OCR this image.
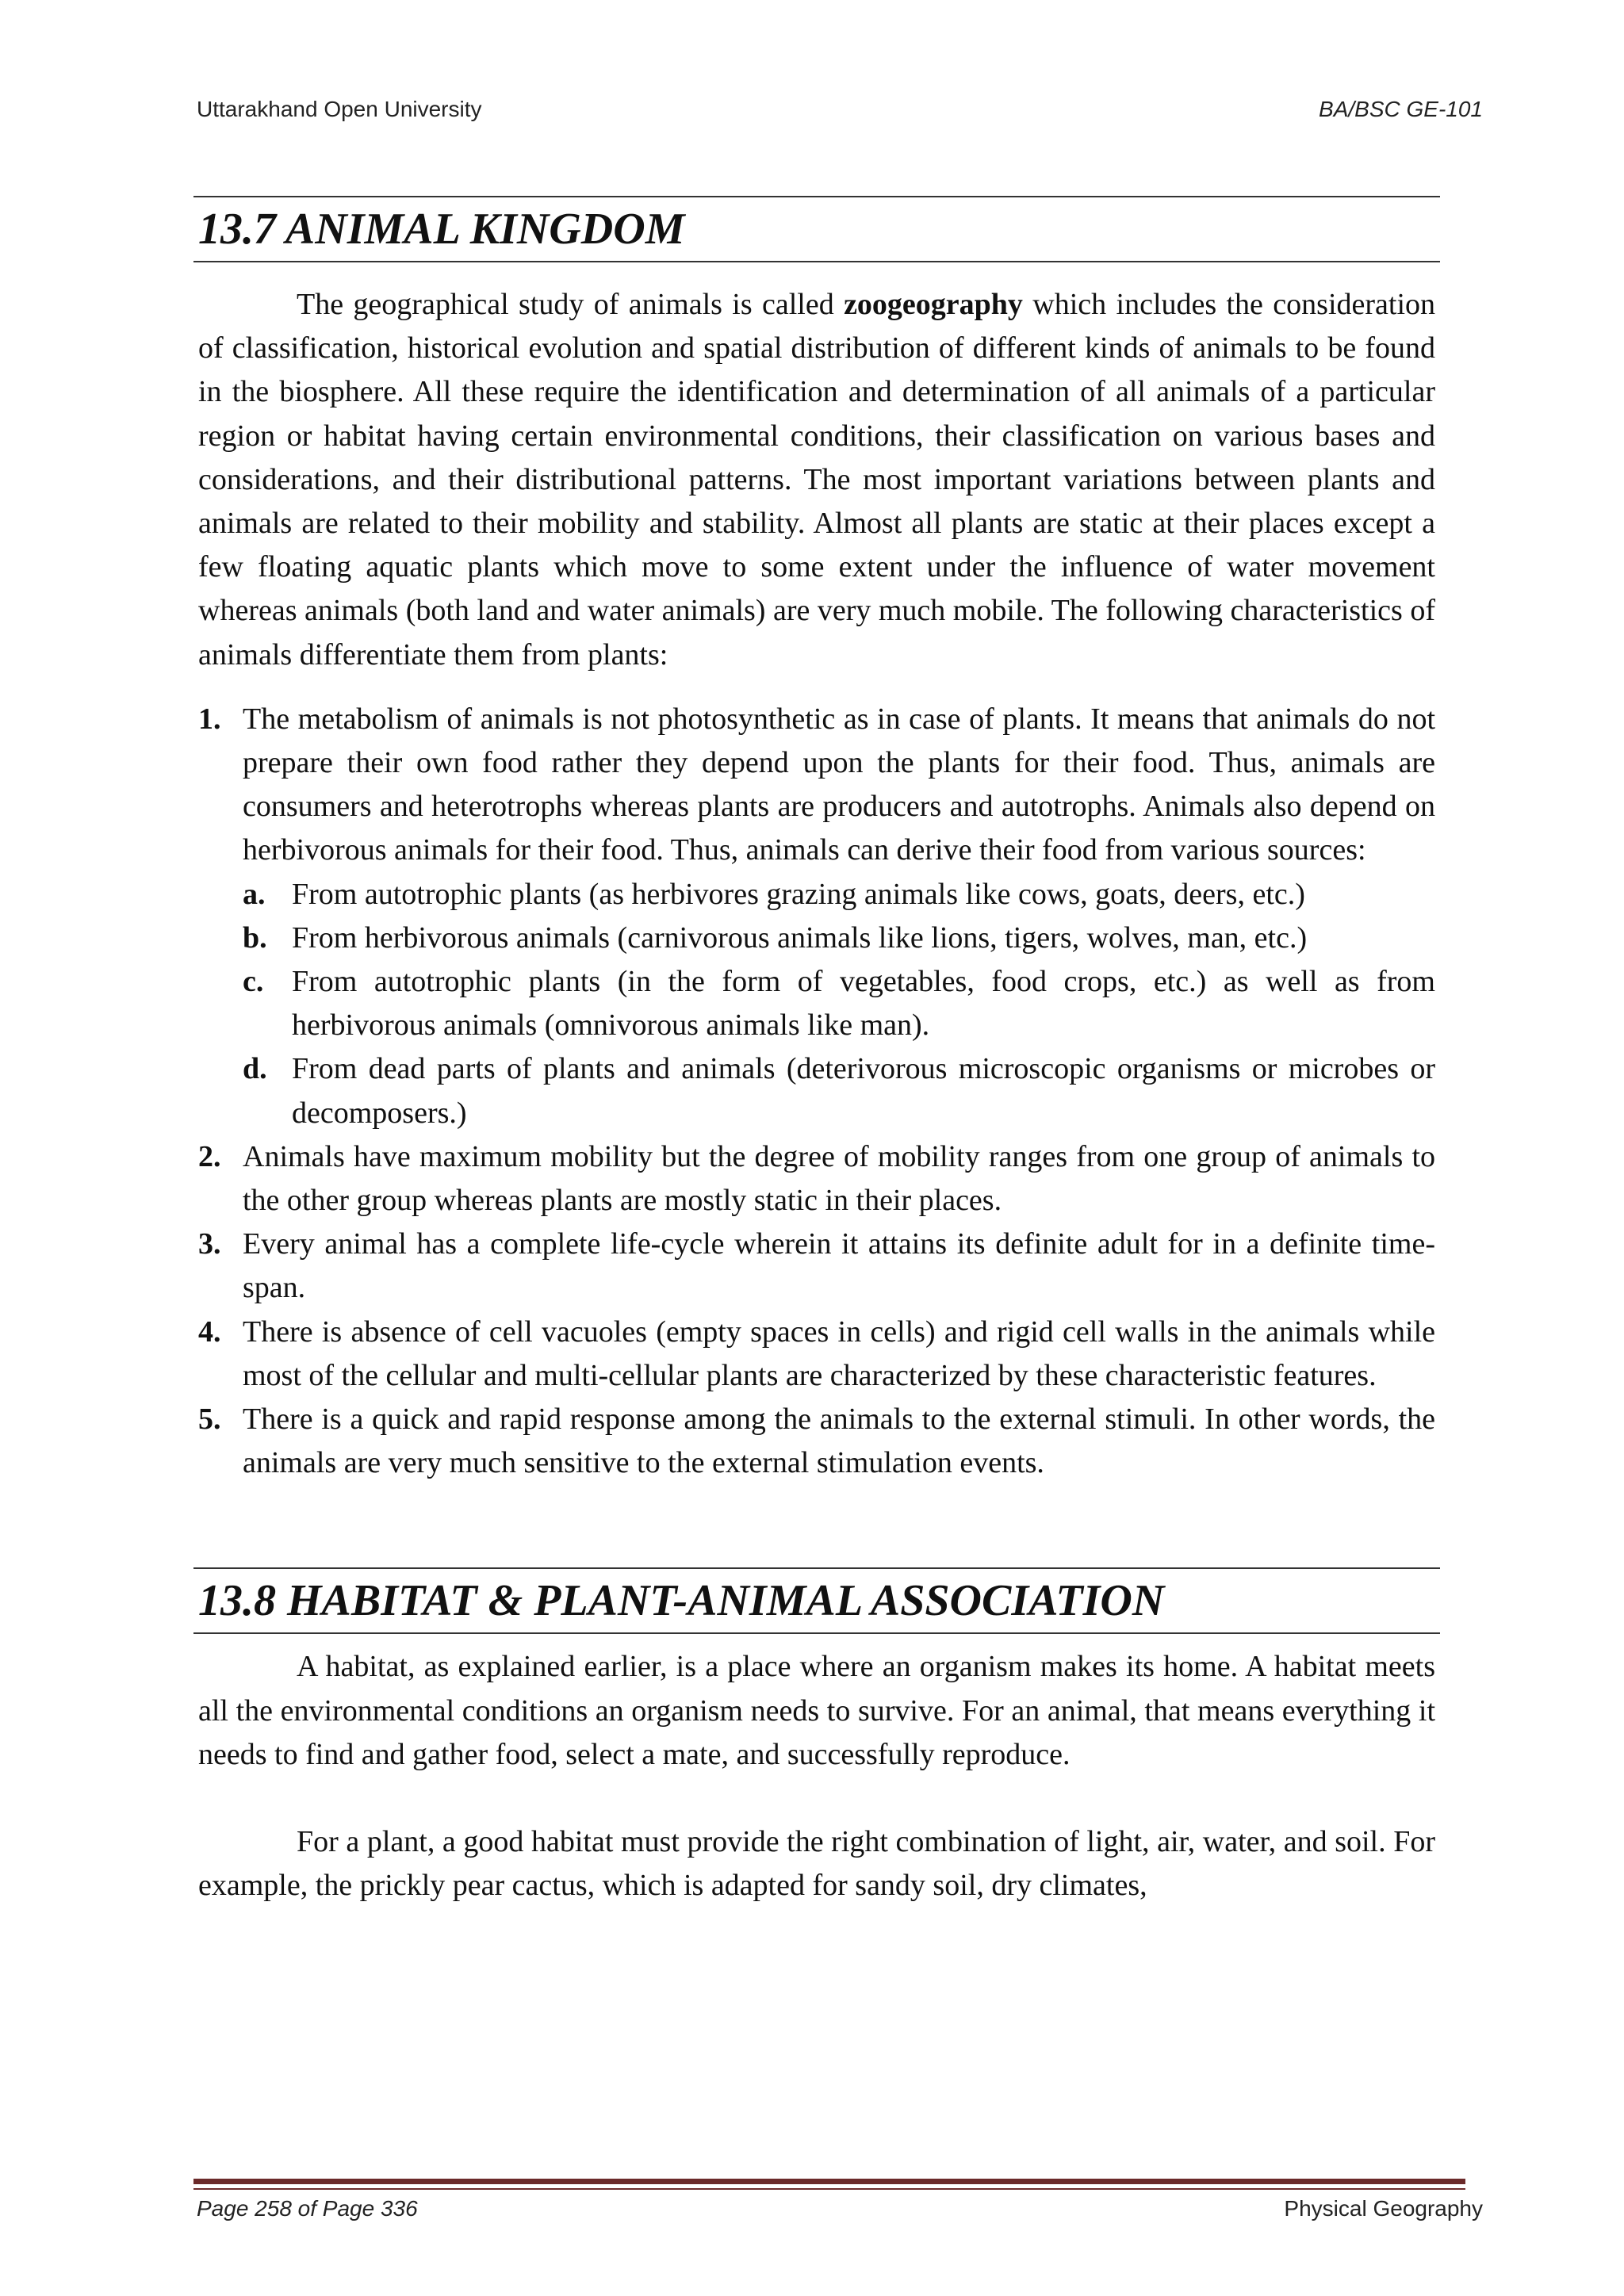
Uttarakhand Open University	BA/BSC GE-101
13.7 ANIMAL KINGDOM

The geographical study of animals is called zoogeography which includes the consideration of classification, historical evolution and spatial distribution of different kinds of animals to be found in the biosphere. All these require the identification and determination of all animals of a particular region or habitat having certain environmental conditions, their classification on various bases and considerations, and their distributional patterns. The most important variations between plants and animals are related to their mobility and stability. Almost all plants are static at their places except a few floating aquatic plants which move to some extent under the influence of water movement whereas animals (both land and water animals) are very much mobile. The following characteristics of animals differentiate them from plants:

1. The metabolism of animals is not photosynthetic as in case of plants. It means that animals do not prepare their own food rather they depend upon the plants for their food. Thus, animals are consumers and heterotrophs whereas plants are producers and autotrophs. Animals also depend on herbivorous animals for their food. Thus, animals can derive their food from various sources:
a. From autotrophic plants (as herbivores grazing animals like cows, goats, deers, etc.)
b. From herbivorous animals (carnivorous animals like lions, tigers, wolves, man, etc.)
c. From autotrophic plants (in the form of vegetables, food crops, etc.) as well as from herbivorous animals (omnivorous animals like man).
d. From dead parts of plants and animals (deterivorous microscopic organisms or microbes or decomposers.)
2. Animals have maximum mobility but the degree of mobility ranges from one group of animals to the other group whereas plants are mostly static in their places.
3. Every animal has a complete life-cycle wherein it attains its definite adult for in a definite time-span.
4. There is absence of cell vacuoles (empty spaces in cells) and rigid cell walls in the animals while most of the cellular and multi-cellular plants are characterized by these characteristic features.
5. There is a quick and rapid response among the animals to the external stimuli. In other words, the animals are very much sensitive to the external stimulation events.
13.8 HABITAT & PLANT-ANIMAL ASSOCIATION

A habitat, as explained earlier, is a place where an organism makes its home. A habitat meets all the environmental conditions an organism needs to survive. For an animal, that means everything it needs to find and gather food, select a mate, and successfully reproduce.

For a plant, a good habitat must provide the right combination of light, air, water, and soil. For example, the prickly pear cactus, which is adapted for sandy soil, dry climates,

Page 258 of Page 336	Physical Geography
